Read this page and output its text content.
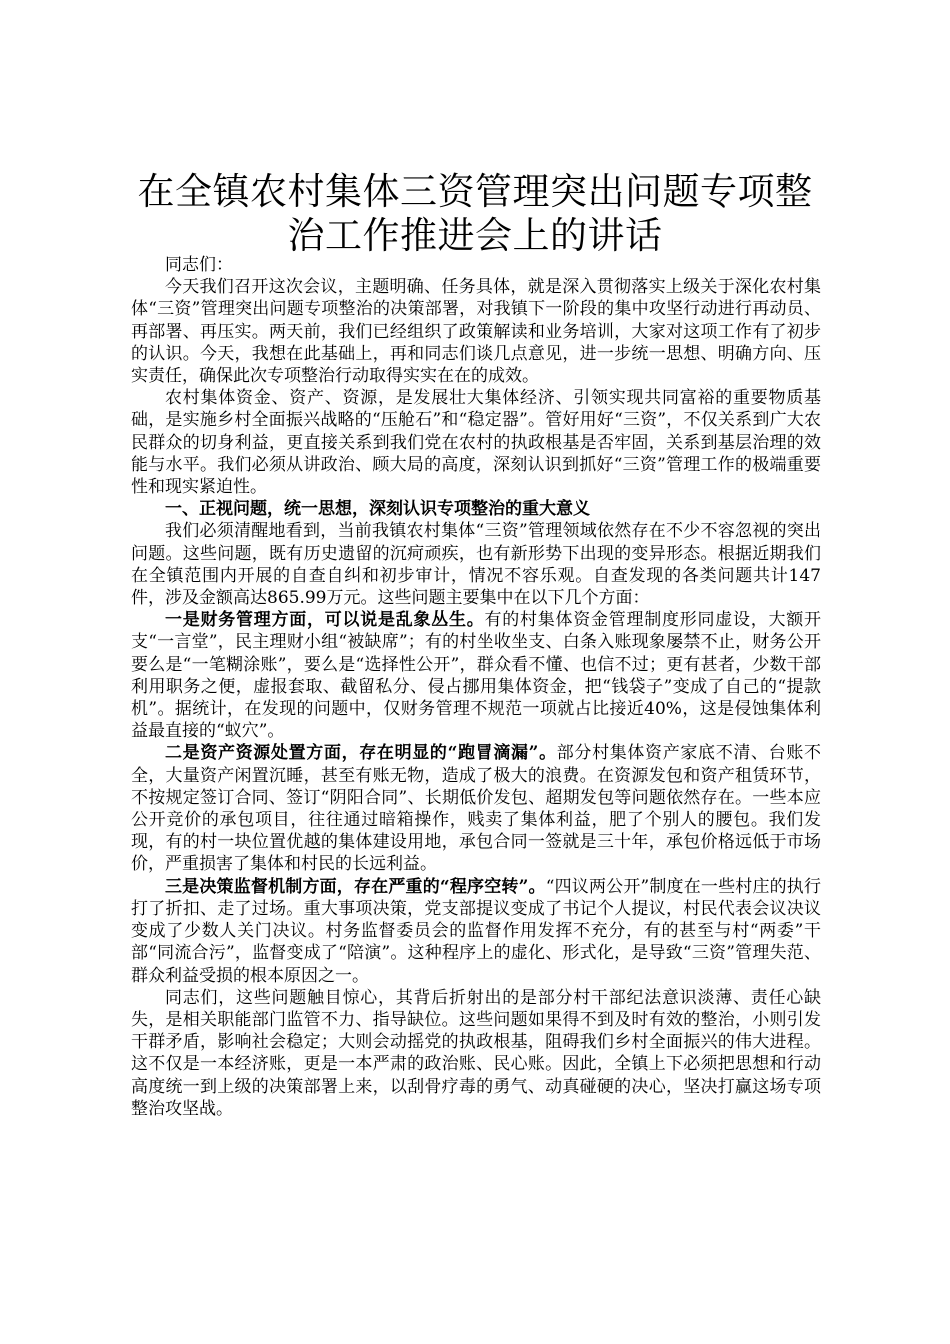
在全镇农村集体三资管理突出问题专项整治工作推进会上的讲话

同志们：

今天我们召开这次会议，主题明确、任务具体，就是深入贯彻落实上级关于深化农村集体“三资”管理突出问题专项整治的决策部署，对我镇下一阶段的集中攻坚行动进行再动员、再部署、再压实。两天前，我们已经组织了政策解读和业务培训，大家对这项工作有了初步的认识。今天，我想在此基础上，再和同志们谈几点意见，进一步统一思想、明确方向、压实责任，确保此次专项整治行动取得实实在在的成效。

农村集体资金、资产、资源，是发展壮大集体经济、引领实现共同富裕的重要物质基础，是实施乡村全面振兴战略的“压舱石”和“稳定器”。管好用好“三资”，不仅关系到广大农民群众的切身利益，更直接关系到我们党在农村的执政根基是否牢固，关系到基层治理的效能与水平。我们必须从讲政治、顾大局的高度，深刻认识到抓好“三资”管理工作的极端重要性和现实紧迫性。

一、正视问题，统一思想，深刻认识专项整治的重大意义

我们必须清醒地看到，当前我镇农村集体“三资”管理领域依然存在不少不容忽视的突出问题。这些问题，既有历史遗留的沉疴顽疾，也有新形势下出现的变异形态。根据近期我们在全镇范围内开展的自查自纠和初步审计，情况不容乐观。自查发现的各类问题共计147件，涉及金额高达865.99万元。这些问题主要集中在以下几个方面：

一是财务管理方面，可以说是乱象丛生。有的村集体资金管理制度形同虚设，大额开支“一言堂”，民主理财小组“被缺席”；有的村坐收坐支、白条入账现象屡禁不止，财务公开要么是“一笔糊涂账”，要么是“选择性公开”，群众看不懂、也信不过；更有甚者，少数干部利用职务之便，虚报套取、截留私分、侵占挪用集体资金，把“钱袋子”变成了自己的“提款机”。据统计，在发现的问题中，仅财务管理不规范一项就占比接近40%，这是侵蚀集体利益最直接的“蚁穴”。

二是资产资源处置方面，存在明显的“跑冒滴漏”。部分村集体资产家底不清、台账不全，大量资产闲置沉睡，甚至有账无物，造成了极大的浪费。在资源发包和资产租赁环节，不按规定签订合同、签订“阴阳合同”、长期低价发包、超期发包等问题依然存在。一些本应公开竞价的承包项目，往往通过暗箱操作，贱卖了集体利益，肥了个别人的腰包。我们发现，有的村一块位置优越的集体建设用地，承包合同一签就是三十年，承包价格远低于市场价，严重损害了集体和村民的长远利益。

三是决策监督机制方面，存在严重的“程序空转”。“四议两公开”制度在一些村庄的执行打了折扣、走了过场。重大事项决策，党支部提议变成了书记个人提议，村民代表会议决议变成了少数人关门决议。村务监督委员会的监督作用发挥不充分，有的甚至与村“两委”干部“同流合污”，监督变成了“陪演”。这种程序上的虚化、形式化，是导致“三资”管理失范、群众利益受损的根本原因之一。

同志们，这些问题触目惊心，其背后折射出的是部分村干部纪法意识淡薄、责任心缺失，是相关职能部门监管不力、指导缺位。这些问题如果得不到及时有效的整治，小则引发干群矛盾，影响社会稳定；大则会动摇党的执政根基，阻碍我们乡村全面振兴的伟大进程。这不仅是一本经济账，更是一本严肃的政治账、民心账。因此，全镇上下必须把思想和行动高度统一到上级的决策部署上来，以刮骨疗毒的勇气、动真碰硬的决心，坚决打赢这场专项整治攻坚战。
